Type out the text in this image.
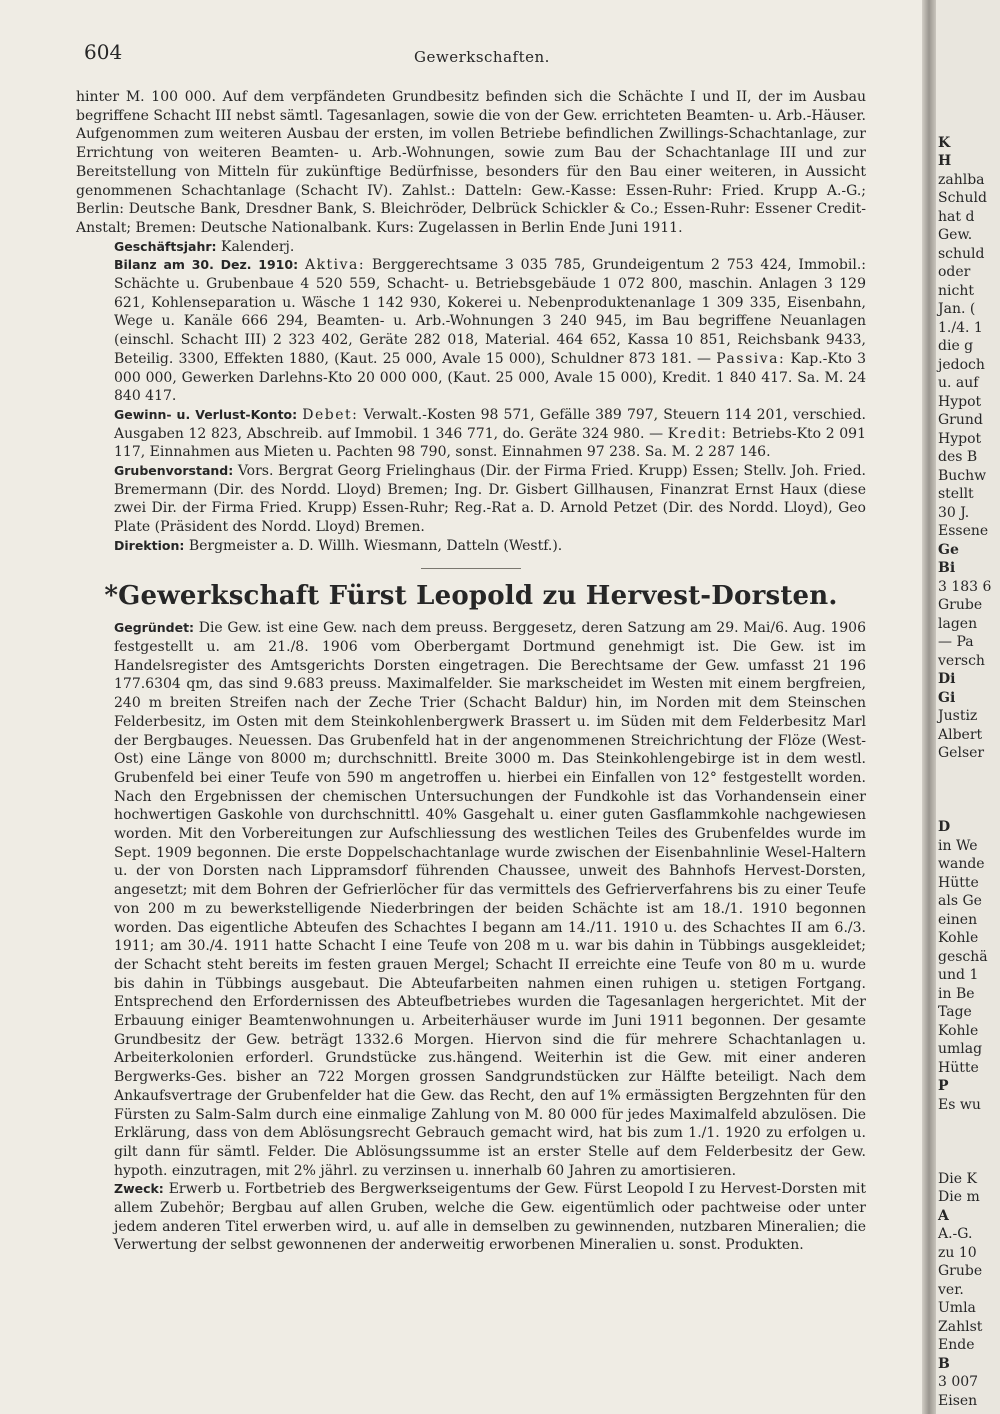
604	Gewerkschaften.

hinter M. 100 000. Auf dem verpfändeten Grundbesitz befinden sich die Schächte I und II, der im Ausbau begriffene Schacht III nebst sämtl. Tagesanlagen, sowie die von der Gew. errichteten Beamten- u. Arb.-Häuser. Aufgenommen zum weiteren Ausbau der ersten, im vollen Betriebe befindlichen Zwillings-Schachtanlage, zur Errichtung von weiteren Beamten- u. Arb.-Wohnungen, sowie zum Bau der Schachtanlage III und zur Bereitstellung von Mitteln für zukünftige Bedürfnisse, besonders für den Bau einer weiteren, in Aussicht genommenen Schachtanlage (Schacht IV). Zahlst.: Datteln: Gew.-Kasse: Essen-Ruhr: Fried. Krupp A.-G.; Berlin: Deutsche Bank, Dresdner Bank, S. Bleichröder, Delbrück Schickler & Co.; Essen-Ruhr: Essener Credit-Anstalt; Bremen: Deutsche Nationalbank. Kurs: Zugelassen in Berlin Ende Juni 1911.

Geschäftsjahr: Kalenderj.

Bilanz am 30. Dez. 1910: Aktiva: Berggerechtsame 3 035 785, Grundeigentum 2 753 424, Immobil.: Schächte u. Grubenbaue 4 520 559, Schacht- u. Betriebsgebäude 1 072 800, maschin. Anlagen 3 129 621, Kohlenseparation u. Wäsche 1 142 930, Kokerei u. Nebenproduktenanlage 1 309 335, Eisenbahn, Wege u. Kanäle 666 294, Beamten- u. Arb.-Wohnungen 3 240 945, im Bau begriffene Neuanlagen (einschl. Schacht III) 2 323 402, Geräte 282 018, Material. 464 652, Kassa 10 851, Reichsbank 9433, Beteilig. 3300, Effekten 1880, (Kaut. 25 000, Avale 15 000), Schuldner 873 181. — Passiva: Kap.-Kto 3 000 000, Gewerken Darlehns-Kto 20 000 000, (Kaut. 25 000, Avale 15 000), Kredit. 1 840 417. Sa. M. 24 840 417.

Gewinn- u. Verlust-Konto: Debet: Verwalt.-Kosten 98 571, Gefälle 389 797, Steuern 114 201, verschied. Ausgaben 12 823, Abschreib. auf Immobil. 1 346 771, do. Geräte 324 980. — Kredit: Betriebs-Kto 2 091 117, Einnahmen aus Mieten u. Pachten 98 790, sonst. Einnahmen 97 238. Sa. M. 2 287 146.

Grubenvorstand: Vors. Bergrat Georg Frielinghaus (Dir. der Firma Fried. Krupp) Essen; Stellv. Joh. Fried. Bremermann (Dir. des Nordd. Lloyd) Bremen; Ing. Dr. Gisbert Gillhausen, Finanzrat Ernst Haux (diese zwei Dir. der Firma Fried. Krupp) Essen-Ruhr; Reg.-Rat a. D. Arnold Petzet (Dir. des Nordd. Lloyd), Geo Plate (Präsident des Nordd. Lloyd) Bremen.

Direktion: Bergmeister a. D. Willh. Wiesmann, Datteln (Westf.).

*Gewerkschaft Fürst Leopold zu Hervest-Dorsten.

Gegründet: Die Gew. ist eine Gew. nach dem preuss. Berggesetz, deren Satzung am 29. Mai/6. Aug. 1906 festgestellt u. am 21./8. 1906 vom Oberbergamt Dortmund genehmigt ist. Die Gew. ist im Handelsregister des Amtsgerichts Dorsten eingetragen. Die Berechtsame der Gew. umfasst 21 196 177.6304 qm, das sind 9.683 preuss. Maximalfelder. Sie markscheidet im Westen mit einem bergfreien, 240 m breiten Streifen nach der Zeche Trier (Schacht Baldur) hin, im Norden mit dem Steinschen Felderbesitz, im Osten mit dem Steinkohlenbergwerk Brassert u. im Süden mit dem Felderbesitz Marl der Bergbauges. Neuessen. Das Grubenfeld hat in der angenommenen Streichrichtung der Flöze (West-Ost) eine Länge von 8000 m; durchschnittl. Breite 3000 m. Das Steinkohlengebirge ist in dem westl. Grubenfeld bei einer Teufe von 590 m angetroffen u. hierbei ein Einfallen von 12° festgestellt worden. Nach den Ergebnissen der chemischen Untersuchungen der Fundkohle ist das Vorhandensein einer hochwertigen Gaskohle von durchschnittl. 40% Gasgehalt u. einer guten Gasflammkohle nachgewiesen worden. Mit den Vorbereitungen zur Aufschliessung des westlichen Teiles des Grubenfeldes wurde im Sept. 1909 begonnen. Die erste Doppelschachtanlage wurde zwischen der Eisenbahnlinie Wesel-Haltern u. der von Dorsten nach Lippramsdorf führenden Chaussee, unweit des Bahnhofs Hervest-Dorsten, angesetzt; mit dem Bohren der Gefrierlöcher für das vermittels des Gefrierverfahrens bis zu einer Teufe von 200 m zu bewerkstelligende Niederbringen der beiden Schächte ist am 18./1. 1910 begonnen worden. Das eigentliche Abteufen des Schachtes I begann am 14./11. 1910 u. des Schachtes II am 6./3. 1911; am 30./4. 1911 hatte Schacht I eine Teufe von 208 m u. war bis dahin in Tübbings ausgekleidet; der Schacht steht bereits im festen grauen Mergel; Schacht II erreichte eine Teufe von 80 m u. wurde bis dahin in Tübbings ausgebaut. Die Abteufarbeiten nahmen einen ruhigen u. stetigen Fortgang. Entsprechend den Erfordernissen des Abteufbetriebes wurden die Tagesanlagen hergerichtet. Mit der Erbauung einiger Beamtenwohnungen u. Arbeiterhäuser wurde im Juni 1911 begonnen. Der gesamte Grundbesitz der Gew. beträgt 1332.6 Morgen. Hiervon sind die für mehrere Schachtanlagen u. Arbeiterkolonien erforderl. Grundstücke zus.hängend. Weiterhin ist die Gew. mit einer anderen Bergwerks-Ges. bisher an 722 Morgen grossen Sandgrundstücken zur Hälfte beteiligt. Nach dem Ankaufsvertrage der Grubenfelder hat die Gew. das Recht, den auf 1% ermässigten Bergzehnten für den Fürsten zu Salm-Salm durch eine einmalige Zahlung von M. 80 000 für jedes Maximalfeld abzulösen. Die Erklärung, dass von dem Ablösungsrecht Gebrauch gemacht wird, hat bis zum 1./1. 1920 zu erfolgen u. gilt dann für sämtl. Felder. Die Ablösungssumme ist an erster Stelle auf dem Felderbesitz der Gew. hypoth. einzutragen, mit 2% jährl. zu verzinsen u. innerhalb 60 Jahren zu amortisieren.

Zweck: Erwerb u. Fortbetrieb des Bergwerkseigentums der Gew. Fürst Leopold I zu Hervest-Dorsten mit allem Zubehör; Bergbau auf allen Gruben, welche die Gew. eigentümlich oder pachtweise oder unter jedem anderen Titel erwerben wird, u. auf alle in demselben zu gewinnenden, nutzbaren Mineralien; die Verwertung der selbst gewonnenen der anderweitig erworbenen Mineralien u. sonst. Produkten.

K
H
zahlba
Schuld
hat d
Gew.
schuld
oder
nicht
Jan. (
1./4. 1
die g
jedoch
u. auf
Hypot
Grund
Hypot
des B
Buchw
stellt
30 J.
Essene
Ge
Bi
3 183 6
Grube
lagen
— Pa
versch
Di
Gi
Justiz
Albert
Gelser
D
in We
wande
Hütte
als Ge
einen
Kohle
geschä
und 1
in Be
Tage
Kohle
umlag
Hütte
P
Es wu
Die K
Die m
A
A.-G.
zu 10
Grube
ver.
Umla
Zahlst
Ende
B
3 007
Eisen
